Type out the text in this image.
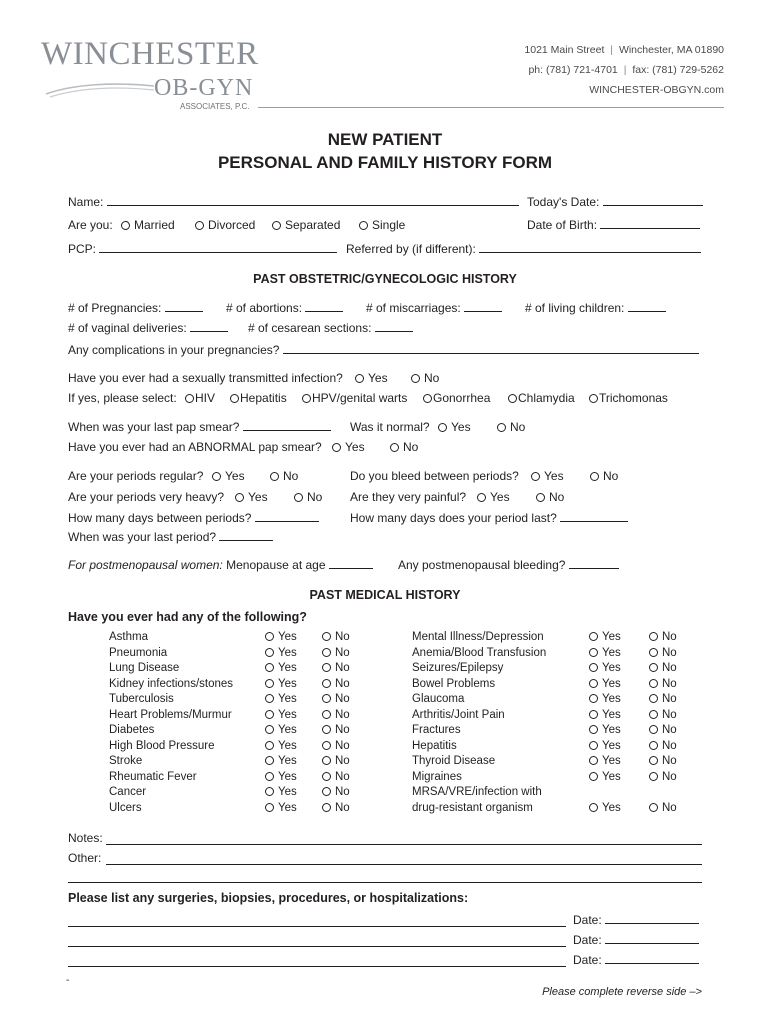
WINCHESTER
OB-GYN
ASSOCIATES, P.C.
1021 Main Street | Winchester, MA 01890
ph: (781) 721-4701 | fax: (781) 729-5262
WINCHESTER-OBGYN.com
NEW PATIENT
PERSONAL AND FAMILY HISTORY FORM
Name:	Today's Date:
Are you:	Married	Divorced	Separated	Single	Date of Birth:
PCP:	Referred by (if different):
PAST OBSTETRIC/GYNECOLOGIC HISTORY
# of Pregnancies:	# of abortions:	# of miscarriages:	# of living children:
# of vaginal deliveries:	# of cesarean sections:
Any complications in your pregnancies?
Have you ever had a sexually transmitted infection?	Yes	No
If yes, please select:	HIV	Hepatitis	HPV/genital warts	Gonorrhea	Chlamydia	Trichomonas
When was your last pap smear?	Was it normal?	Yes	No
Have you ever had an ABNORMAL pap smear?	Yes	No
Are your periods regular?	Yes	No	Do you bleed between periods?	Yes	No
Are your periods very heavy?	Yes	No Are they very painful?	Yes	No
How many days between periods?	How many days does your period last?
When was your last period?
For postmenopausal women: Menopause at age	Any postmenopausal bleeding?
PAST MEDICAL HISTORY
Have you ever had any of the following?
Asthma	Yes	No
Pneumonia	Yes	No
Lung Disease	Yes	No
Kidney infections/stones	Yes	No
Tuberculosis	Yes	No
Heart Problems/Murmur	Yes	No
Diabetes	Yes	No
High Blood Pressure	Yes	No
Stroke	Yes	No
Rheumatic Fever	Yes	No
Cancer	Yes	No
Ulcers	Yes	No
Mental Illness/Depression	Yes	No
Anemia/Blood Transfusion	Yes	No
Seizures/Epilepsy	Yes	No
Bowel Problems	Yes	No
Glaucoma	Yes	No
Arthritis/Joint Pain	Yes	No
Fractures	Yes	No
Hepatitis	Yes	No
Thyroid Disease	Yes	No
Migraines	Yes	No
MRSA/VRE/infection with
drug-resistant organism	Yes	No
Notes:
Other:
Please list any surgeries, biopsies, procedures, or hospitalizations:
Date:
Date:
Date:
-
Please complete reverse side –>
